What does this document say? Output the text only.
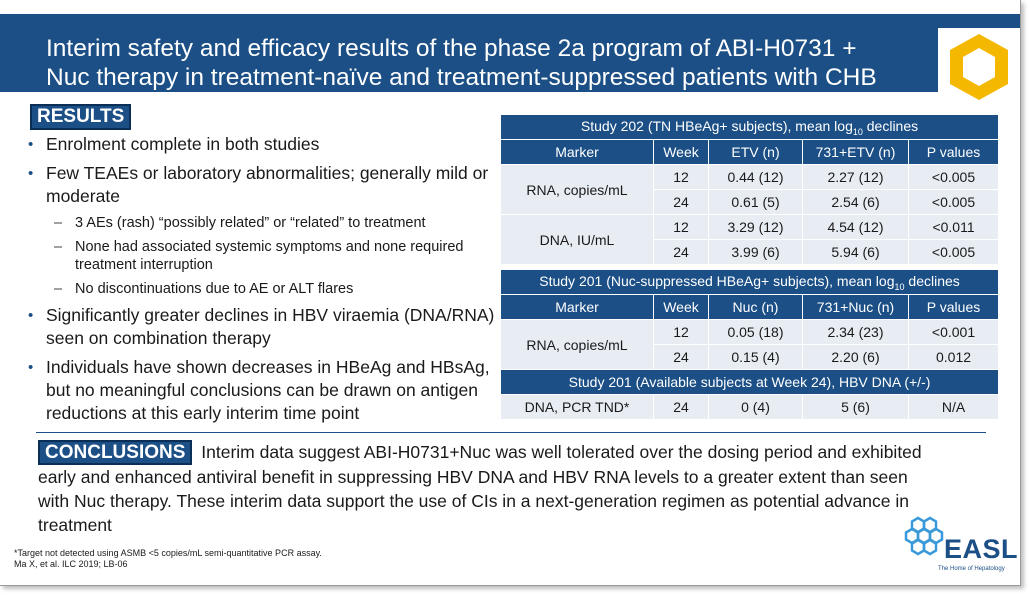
Interim safety and efficacy results of the phase 2a program of ABI-H0731 +
Nuc therapy in treatment-naïve and treatment-suppressed patients with CHB
RESULTS
• Enrolment complete in both studies
• Few TEAEs or laboratory abnormalities; generally mild or moderate
– 3 AEs (rash) “possibly related” or “related” to treatment
– None had associated systemic symptoms and none required treatment interruption
– No discontinuations due to AE or ALT flares
• Significantly greater declines in HBV viraemia (DNA/RNA) seen on combination therapy
• Individuals have shown decreases in HBeAg and HBsAg, but no meaningful conclusions can be drawn on antigen reductions at this early interim time point
Study 202 (TN HBeAg+ subjects), mean $\log_{10}$ declines				
Marker	Week	ETV (n)	731+ETV (n)	P values
RNA, copies/mL	12	0.44 (12)	2.27 (12)	<0.005
	24	0.61 (5)	2.54 (6)	<0.005
DNA, IU/mL	12	3.29 (12)	4.54 (12)	<0.011
	24	3.99 (6)	5.94 (6)	<0.005

Study 201 (Nuc-suppressed HBeAg+ subjects), mean $\log_{10}$ declines				
Marker	Week	Nuc (n)	731+Nuc (n)	P values
RNA, copies/mL	12	0.05 (18)	2.34 (23)	<0.001
	24	0.15 (4)	2.20 (6)	0.012
Study 201 (Available subjects at Week 24), HBV DNA (+/-)				
DNA, PCR TND*	24	0 (4)	5 (6)	N/A
CONCLUSIONS Interim data suggest ABI-H0731+Nuc was well tolerated over the dosing period and exhibited early and enhanced antiviral benefit in suppressing HBV DNA and HBV RNA levels to a greater extent than seen with Nuc therapy. These interim data support the use of CIs in a next-generation regimen as potential advance in treatment
*Target not detected using ASMB <5 copies/mL semi-quantitative PCR assay.
Ma X, et al. ILC 2019; LB-06	EASL
The Home of Hepatology
